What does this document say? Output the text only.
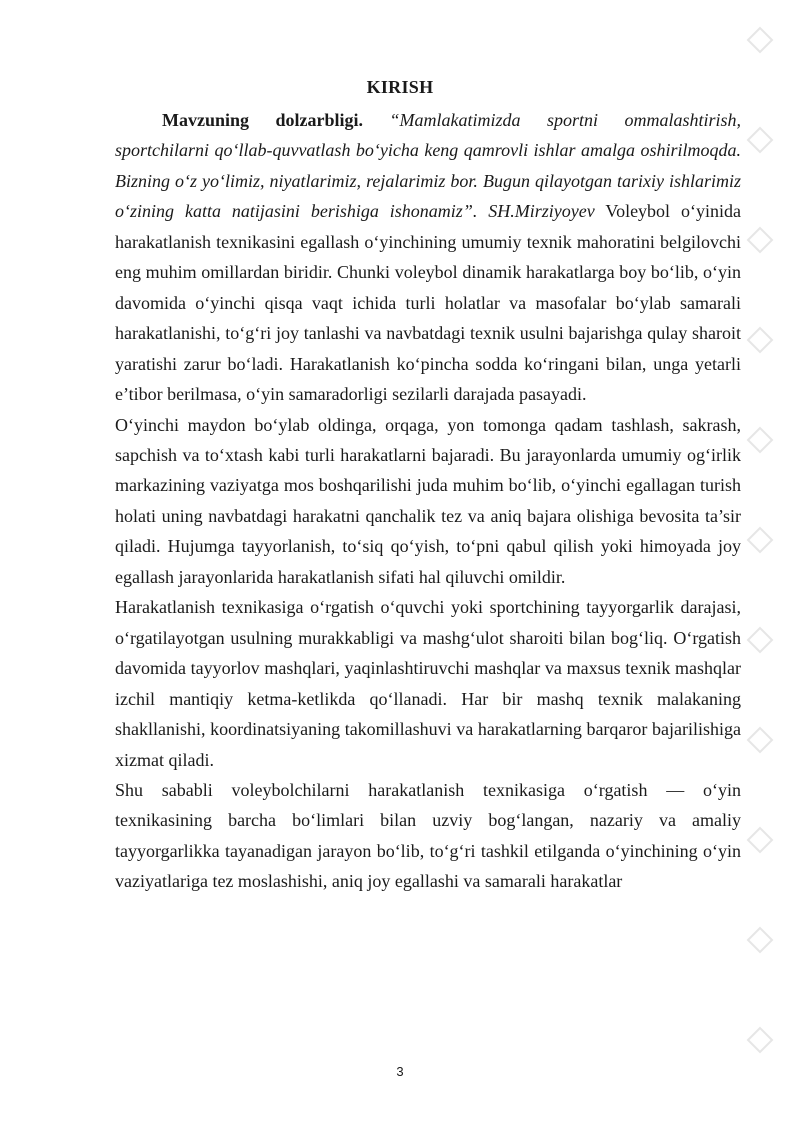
KIRISH

Mavzuning dolzarbligi. “Mamlakatimizda sportni ommalashtirish, sportchilarni qo‘llab-quvvatlash bo‘yicha keng qamrovli ishlar amalga oshirilmoqda. Bizning o‘z yo‘limiz, niyatlarimiz, rejalarimiz bor. Bugun qilayotgan tarixiy ishlarimiz o‘zining katta natijasini berishiga ishonamiz”. SH.Mirziyoyev Voleybol o‘yinida harakatlanish texnikasini egallash o‘yinchining umumiy texnik mahoratini belgilovchi eng muhim omillardan biridir. Chunki voleybol dinamik harakatlarga boy bo‘lib, o‘yin davomida o‘yinchi qisqa vaqt ichida turli holatlar va masofalar bo‘ylab samarali harakatlanishi, to‘g‘ri joy tanlashi va navbatdagi texnik usulni bajarishga qulay sharoit yaratishi zarur bo‘ladi. Harakatlanish ko‘pincha sodda ko‘ringani bilan, unga yetarli e’tibor berilmasa, o‘yin samaradorligi sezilarli darajada pasayadi.

O‘yinchi maydon bo‘ylab oldinga, orqaga, yon tomonga qadam tashlash, sakrash, sapchish va to‘xtash kabi turli harakatlarni bajaradi. Bu jarayonlarda umumiy og‘irlik markazining vaziyatga mos boshqarilishi juda muhim bo‘lib, o‘yinchi egallagan turish holati uning navbatdagi harakatni qanchalik tez va aniq bajara olishiga bevosita ta’sir qiladi. Hujumga tayyorlanish, to‘siq qo‘yish, to‘pni qabul qilish yoki himoyada joy egallash jarayonlarida harakatlanish sifati hal qiluvchi omildir.

Harakatlanish texnikasiga o‘rgatish o‘quvchi yoki sportchining tayyorgarlik darajasi, o‘rgatilayotgan usulning murakkabligi va mashg‘ulot sharoiti bilan bog‘liq. O‘rgatish davomida tayyorlov mashqlari, yaqinlashtiruvchi mashqlar va maxsus texnik mashqlar izchil mantiqiy ketma-ketlikda qo‘llanadi. Har bir mashq texnik malakaning shakllanishi, koordinatsiyaning takomillashuvi va harakatlarning barqaror bajarilishiga xizmat qiladi.

Shu sababli voleybolchilarni harakatlanish texnikasiga o‘rgatish — o‘yin texnikasining barcha bo‘limlari bilan uzviy bog‘langan, nazariy va amaliy tayyorgarlikka tayanadigan jarayon bo‘lib, to‘g‘ri tashkil etilganda o‘yinchining o‘yin vaziyatlariga tez moslashishi, aniq joy egallashi va samarali harakatlar

3
